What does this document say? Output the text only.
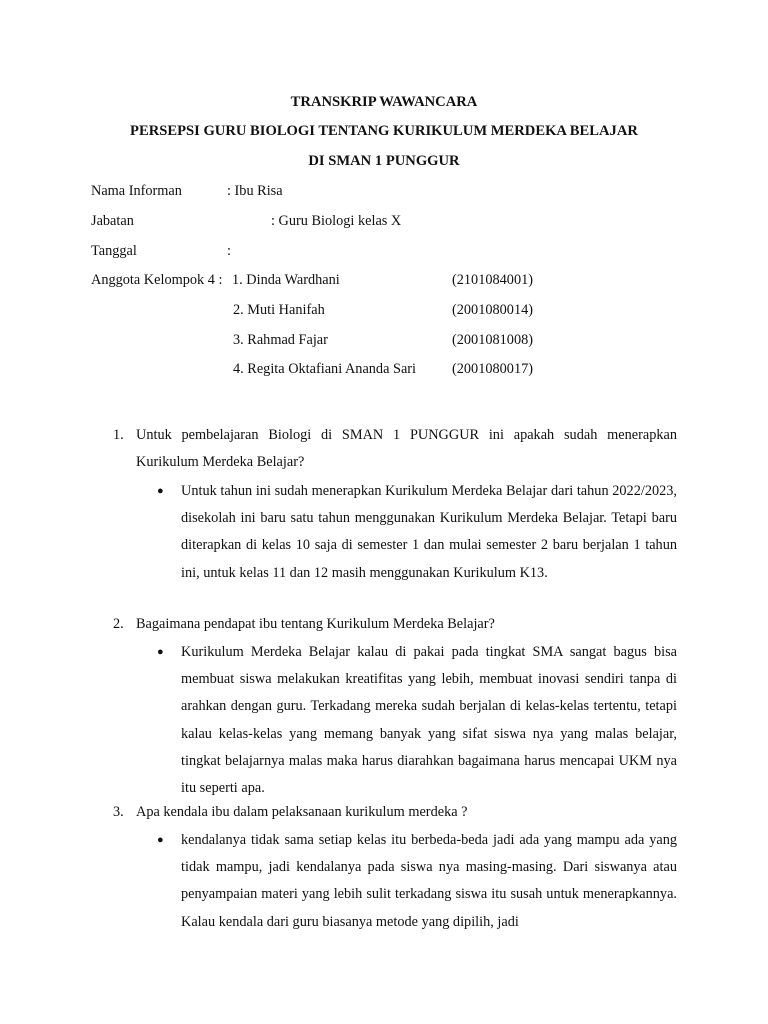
TRANSKRIP WAWANCARA
PERSEPSI GURU BIOLOGI TENTANG KURIKULUM MERDEKA BELAJAR
DI SMAN 1 PUNGGUR
Nama Informan	: Ibu Risa
Jabatan	: Guru Biologi kelas X
Tanggal	:
Anggota Kelompok 4 : 1. Dinda Wardhani	(2101084001)
2. Muti Hanifah	(2001080014)
3. Rahmad Fajar	(2001081008)
4. Regita Oktafiani Ananda Sari	(2001080017)
1. Untuk pembelajaran Biologi di SMAN 1 PUNGGUR ini apakah sudah menerapkan Kurikulum Merdeka Belajar?
● Untuk tahun ini sudah menerapkan Kurikulum Merdeka Belajar dari tahun 2022/2023, disekolah ini baru satu tahun menggunakan Kurikulum Merdeka Belajar. Tetapi baru diterapkan di kelas 10 saja di semester 1 dan mulai semester 2 baru berjalan 1 tahun ini, untuk kelas 11 dan 12 masih menggunakan Kurikulum K13.
2. Bagaimana pendapat ibu tentang Kurikulum Merdeka Belajar?
● Kurikulum Merdeka Belajar kalau di pakai pada tingkat SMA sangat bagus bisa membuat siswa melakukan kreatifitas yang lebih, membuat inovasi sendiri tanpa di arahkan dengan guru. Terkadang mereka sudah berjalan di kelas-kelas tertentu, tetapi kalau kelas-kelas yang memang banyak yang sifat siswa nya yang malas belajar, tingkat belajarnya malas maka harus diarahkan bagaimana harus mencapai UKM nya itu seperti apa.
3. Apa kendala ibu dalam pelaksanaan kurikulum merdeka ?
● kendalanya tidak sama setiap kelas itu berbeda-beda jadi ada yang mampu ada yang tidak mampu, jadi kendalanya pada siswa nya masing-masing. Dari siswanya atau penyampaian materi yang lebih sulit terkadang siswa itu susah untuk menerapkannya. Kalau kendala dari guru biasanya metode yang dipilih, jadi
